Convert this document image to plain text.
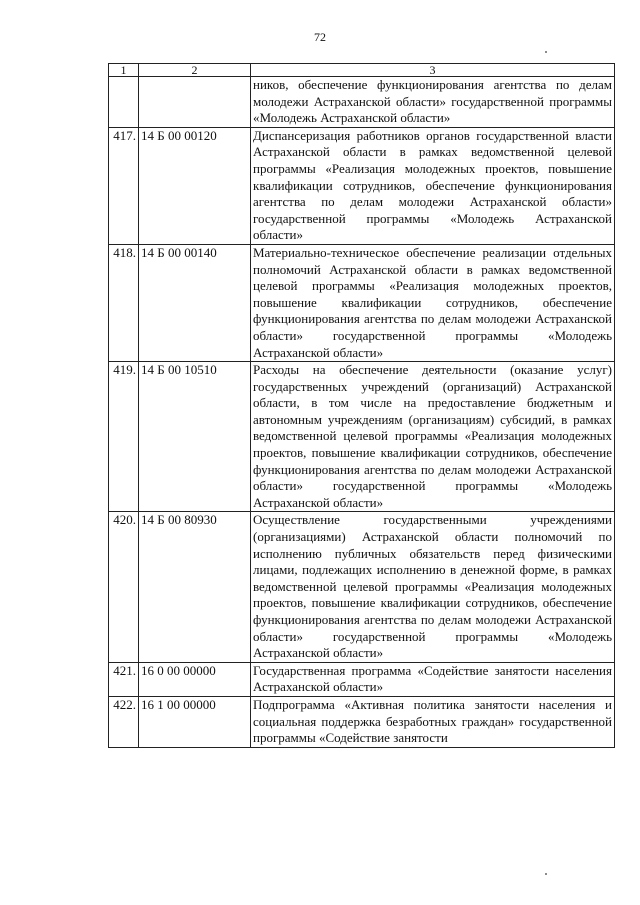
72
1	2	3
		ников, обеспечение функционирования агентства по делам молодежи Астраханской области» государственной программы «Молодежь Астраханской области»
417.	14 Б 00 00120	Диспансеризация работников органов государственной власти Астраханской области в рамках ведомственной целевой программы «Реализация молодежных проектов, повышение квалификации сотрудников, обеспечение функционирования агентства по делам молодежи Астраханской области» государственной программы «Молодежь Астраханской области»
418.	14 Б 00 00140	Материально-техническое обеспечение реализации отдельных полномочий Астраханской области в рамках ведомственной целевой программы «Реализация молодежных проектов, повышение квалификации сотрудников, обеспечение функционирования агентства по делам молодежи Астраханской области» государственной программы «Молодежь Астраханской области»
419.	14 Б 00 10510	Расходы на обеспечение деятельности (оказание услуг) государственных учреждений (организаций) Астраханской области, в том числе на предоставление бюджетным и автономным учреждениям (организациям) субсидий, в рамках ведомственной целевой программы «Реализация молодежных проектов, повышение квалификации сотрудников, обеспечение функционирования агентства по делам молодежи Астраханской области» государственной программы «Молодежь Астраханской области»
420.	14 Б 00 80930	Осуществление государственными учреждениями (организациями) Астраханской области полномочий по исполнению публичных обязательств перед физическими лицами, подлежащих исполнению в денежной форме, в рамках ведомственной целевой программы «Реализация молодежных проектов, повышение квалификации сотрудников, обеспечение функционирования агентства по делам молодежи Астраханской области» государственной программы «Молодежь Астраханской области»
421.	16 0 00 00000	Государственная программа «Содействие занятости населения Астраханской области»
422.	16 1 00 00000	Подпрограмма «Активная политика занятости населения и социальная поддержка безработных граждан» государственной программы «Содействие занятости
